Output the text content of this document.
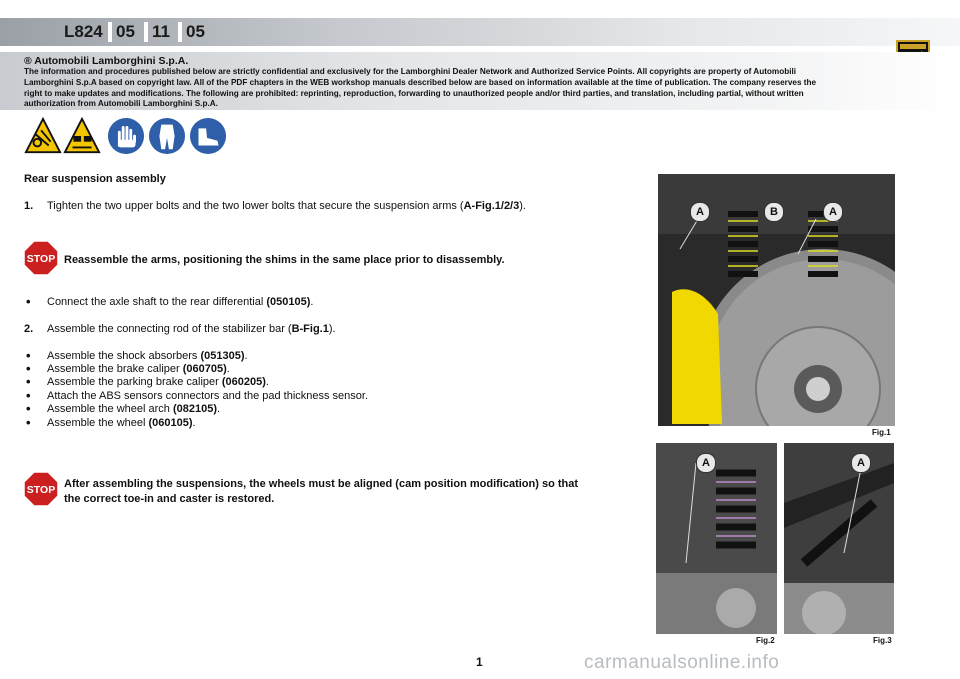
L824 05 11 05
® Automobili Lamborghini S.p.A.
The information and procedures published below are strictly confidential and exclusively for the Lamborghini Dealer Network and Authorized Service Points. All copyrights are property of Automobili Lamborghini S.p.A based on copyright law. All of the PDF chapters in the WEB workshop manuals described below are based on information available at the time of publication. The company reserves the right to make updates and modifications. The following are prohibited: reprinting, reproduction, forwarding to unauthorized people and/or third parties, and translation, including partial, without written authorization from Automobili Lamborghini S.p.A.
Rear suspension assembly
1. Tighten the two upper bolts and the two lower bolts that secure the suspension arms (A-Fig.1/2/3).
STOP Reassemble the arms, positioning the shims in the same place prior to disassembly.
• Connect the axle shaft to the rear differential (050105).
2. Assemble the connecting rod of the stabilizer bar (B-Fig.1).
• Assemble the shock absorbers (051305).
• Assemble the brake caliper (060705).
• Assemble the parking brake caliper (060205).
• Attach the ABS sensors connectors and the pad thickness sensor.
• Assemble the wheel arch (082105).
• Assemble the wheel (060105).
STOP After assembling the suspensions, the wheels must be aligned (cam position modification) so that
the correct toe-in and caster is restored.
A	B	A
Fig.1
A
Fig.2
A
Fig.3
1	carmanualsonline.info
